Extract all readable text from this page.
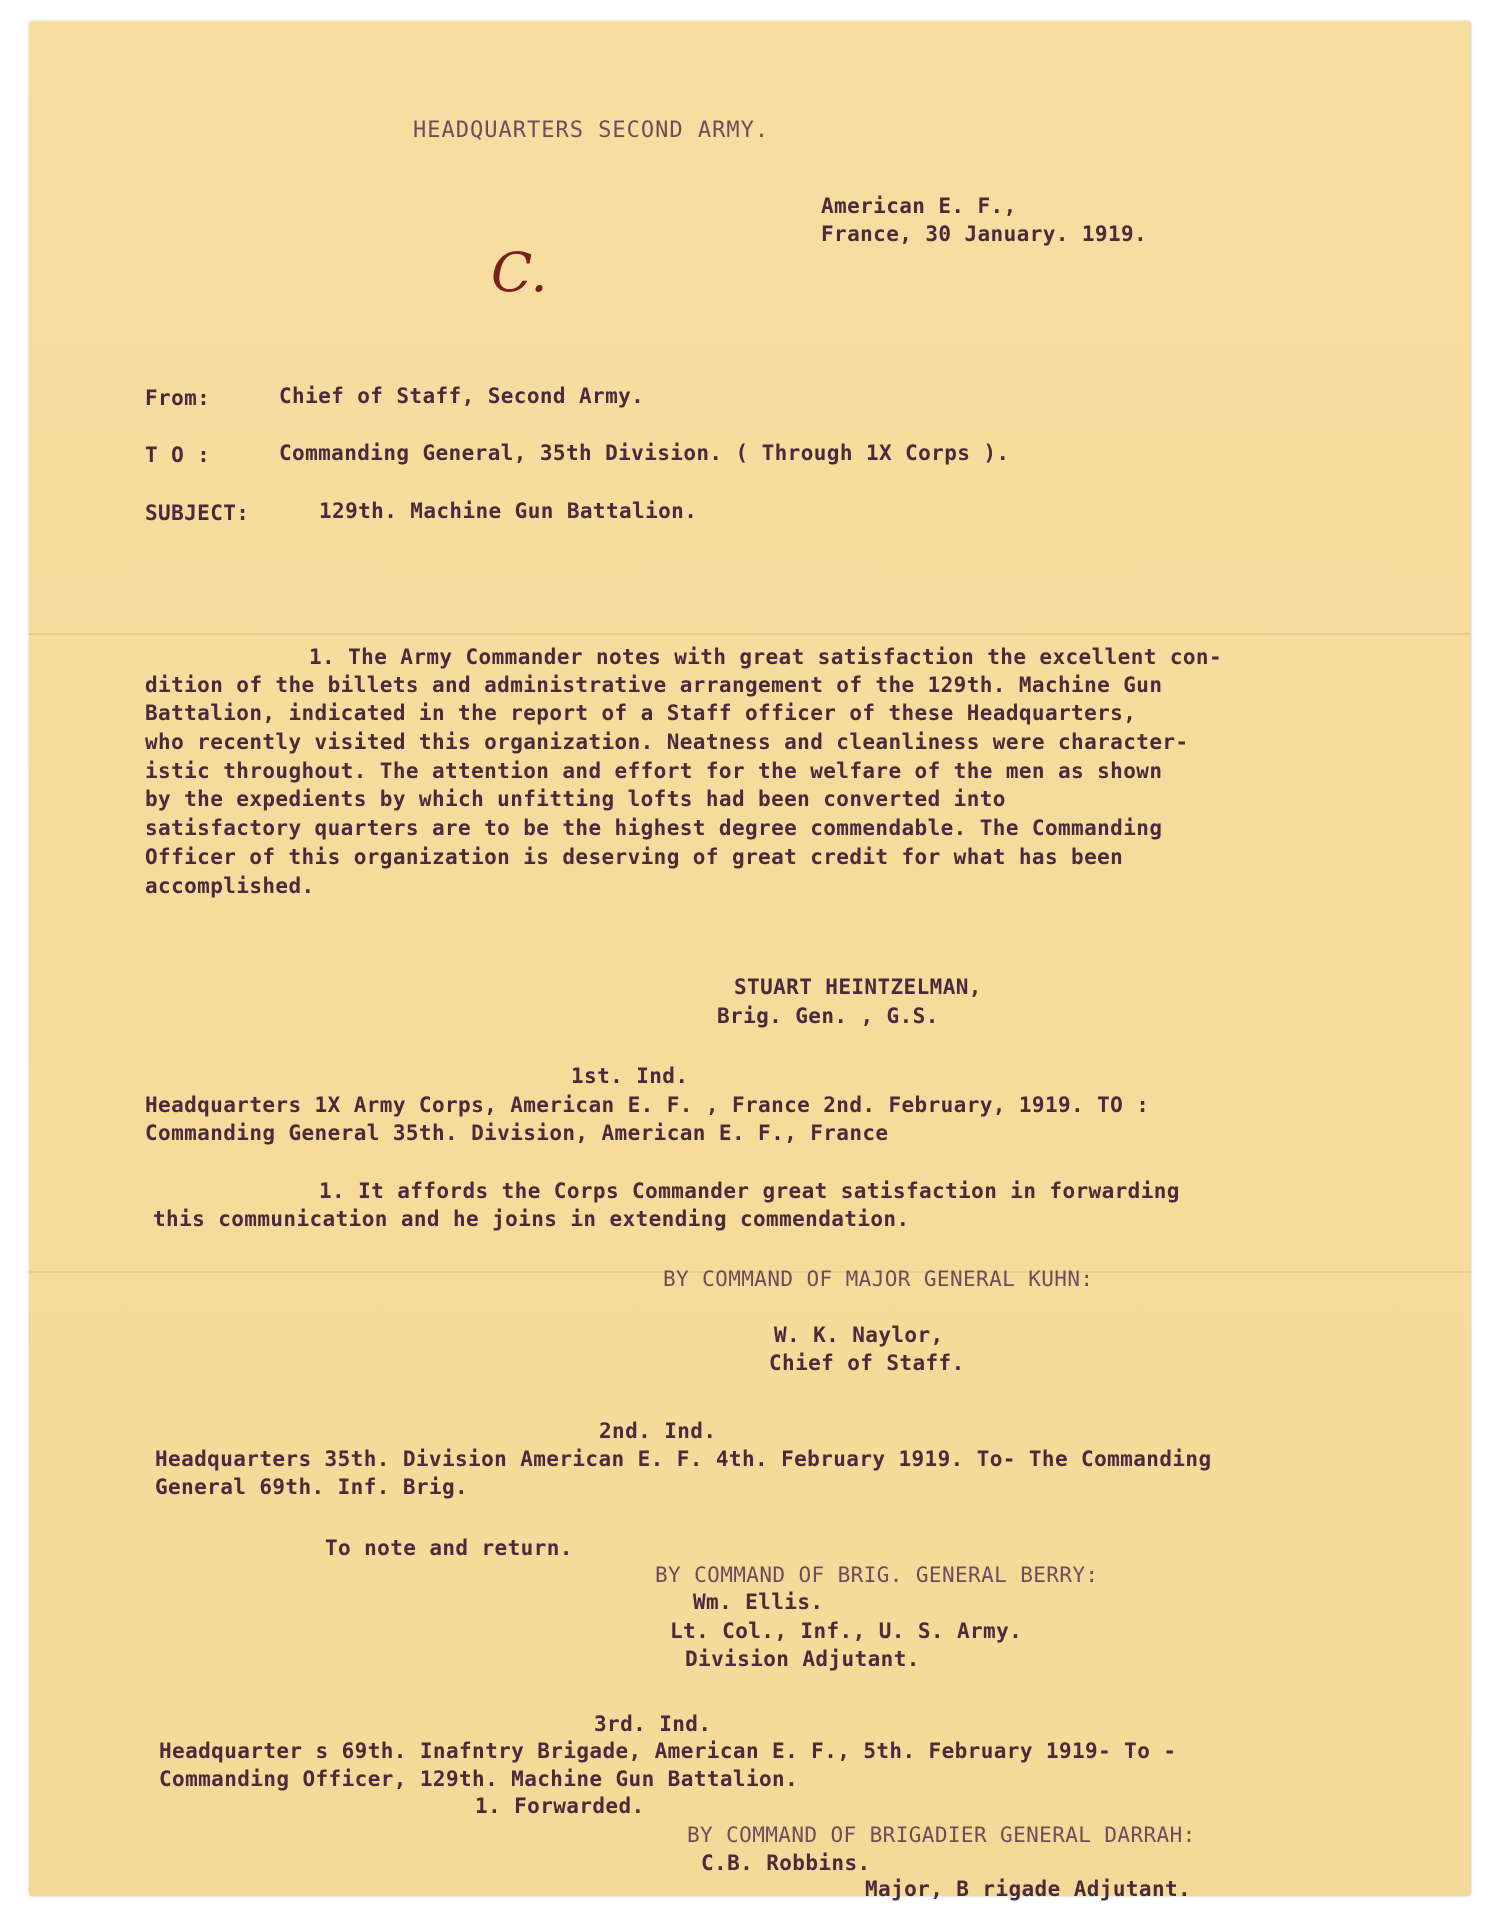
HEADQUARTERS SECOND ARMY.
C.
American E. F.,
France, 30 January. 1919.
From:	Chief of Staff, Second Army.
T O :	Commanding General, 35th Division. ( Through 1X Corps ).
SUBJECT:	129th. Machine Gun Battalion.
1. The Army Commander notes with great satisfaction the excellent con-
dition of the billets and administrative arrangement of the 129th. Machine Gun
Battalion, indicated in the report of a Staff officer of these Headquarters,
who recently visited this organization. Neatness and cleanliness were character-
istic throughout. The attention and effort for the welfare of the men as shown
by the expedients by which unfitting lofts had been converted into
satisfactory quarters are to be the highest degree commendable. The Commanding
Officer of this organization is deserving of great credit for what has been
accomplished.
STUART HEINTZELMAN,
Brig. Gen. , G.S.
1st. Ind.
Headquarters 1X Army Corps, American E. F. , France 2nd. February, 1919. TO :
Commanding General 35th. Division, American E. F., France
1. It affords the Corps Commander great satisfaction in forwarding
this communication and he joins in extending commendation.
BY COMMAND OF MAJOR GENERAL KUHN:
W. K. Naylor,
Chief of Staff.
2nd. Ind.
Headquarters 35th. Division American E. F. 4th. February 1919. To- The Commanding
General 69th. Inf. Brig.
To note and return.
BY COMMAND OF BRIG. GENERAL BERRY:
Wm. Ellis.
Lt. Col., Inf., U. S. Army.
Division Adjutant.
3rd. Ind.
Headquarter s 69th. Inafntry Brigade, American E. F., 5th. February 1919- To -
Commanding Officer, 129th. Machine Gun Battalion.
1. Forwarded.
BY COMMAND OF BRIGADIER GENERAL DARRAH:
C.B. Robbins.
Major, B rigade Adjutant.
